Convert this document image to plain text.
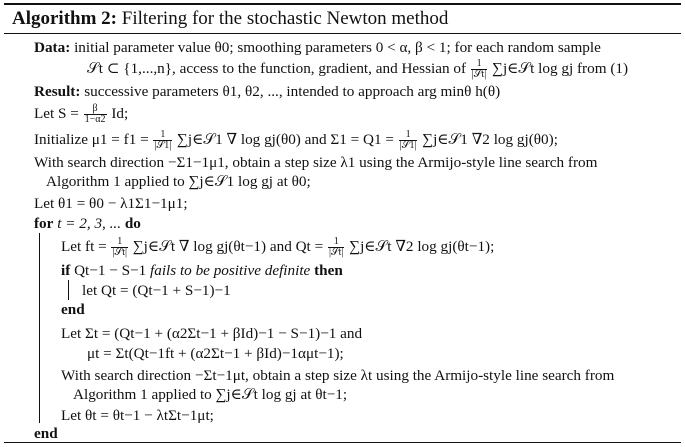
Algorithm 2: Filtering for the stochastic Newton method
Data: initial parameter value θ0; smoothing parameters 0 < α, β < 1; for each random sample
𝒮t ⊂ {1,...,n}, access to the function, gradient, and Hessian of $\frac{1}{\text{|𝒮t|}}$ ∑j∈𝒮t log gj from (1)
Result: successive parameters θ1, θ2, ..., intended to approach arg minθ h(θ)
Let $S = \frac{\beta}{1-\alpha 2} Id$;
Initialize $\mu 1 = f1 = \frac{1}{\text{|𝒮1|}}$ ∑j∈𝒮1 ∇ log gj(θ0) and $\Sigma 1 = Q1 = \frac{1}{\text{|𝒮1|}}$ ∑j∈𝒮1 ∇2 log gj(θ0);
With search direction −Σ1−1μ1, obtain a step size λ1 using the Armijo-style line search from
Algorithm 1 applied to ∑j∈𝒮1 log gj at θ0;
Let θ1 = θ0 − λ1Σ1−1μ1;
for t = 2, 3, ... do
Let ft = $\frac{1}{\text{|𝒮t|}}$ ∑j∈𝒮t ∇ log gj(θt−1) and $Qt = \frac{1}{\text{|𝒮t|}}$ ∑j∈𝒮t ∇2 log gj(θt−1);
if Qt−1 − S−1 fails to be positive definite then
let Qt = (Qt−1 + S−1)−1
end
Let Σt = (Qt−1 + (α2Σt−1 + βId)−1 − S−1)−1 and
μt = Σt(Qt−1ft + (α2Σt−1 + βId)−1αμt−1);
With search direction −Σt−1μt, obtain a step size λt using the Armijo-style line search from
Algorithm 1 applied to ∑j∈𝒮t log gj at θt−1;
Let θt = θt−1 − λtΣt−1μt;
end
